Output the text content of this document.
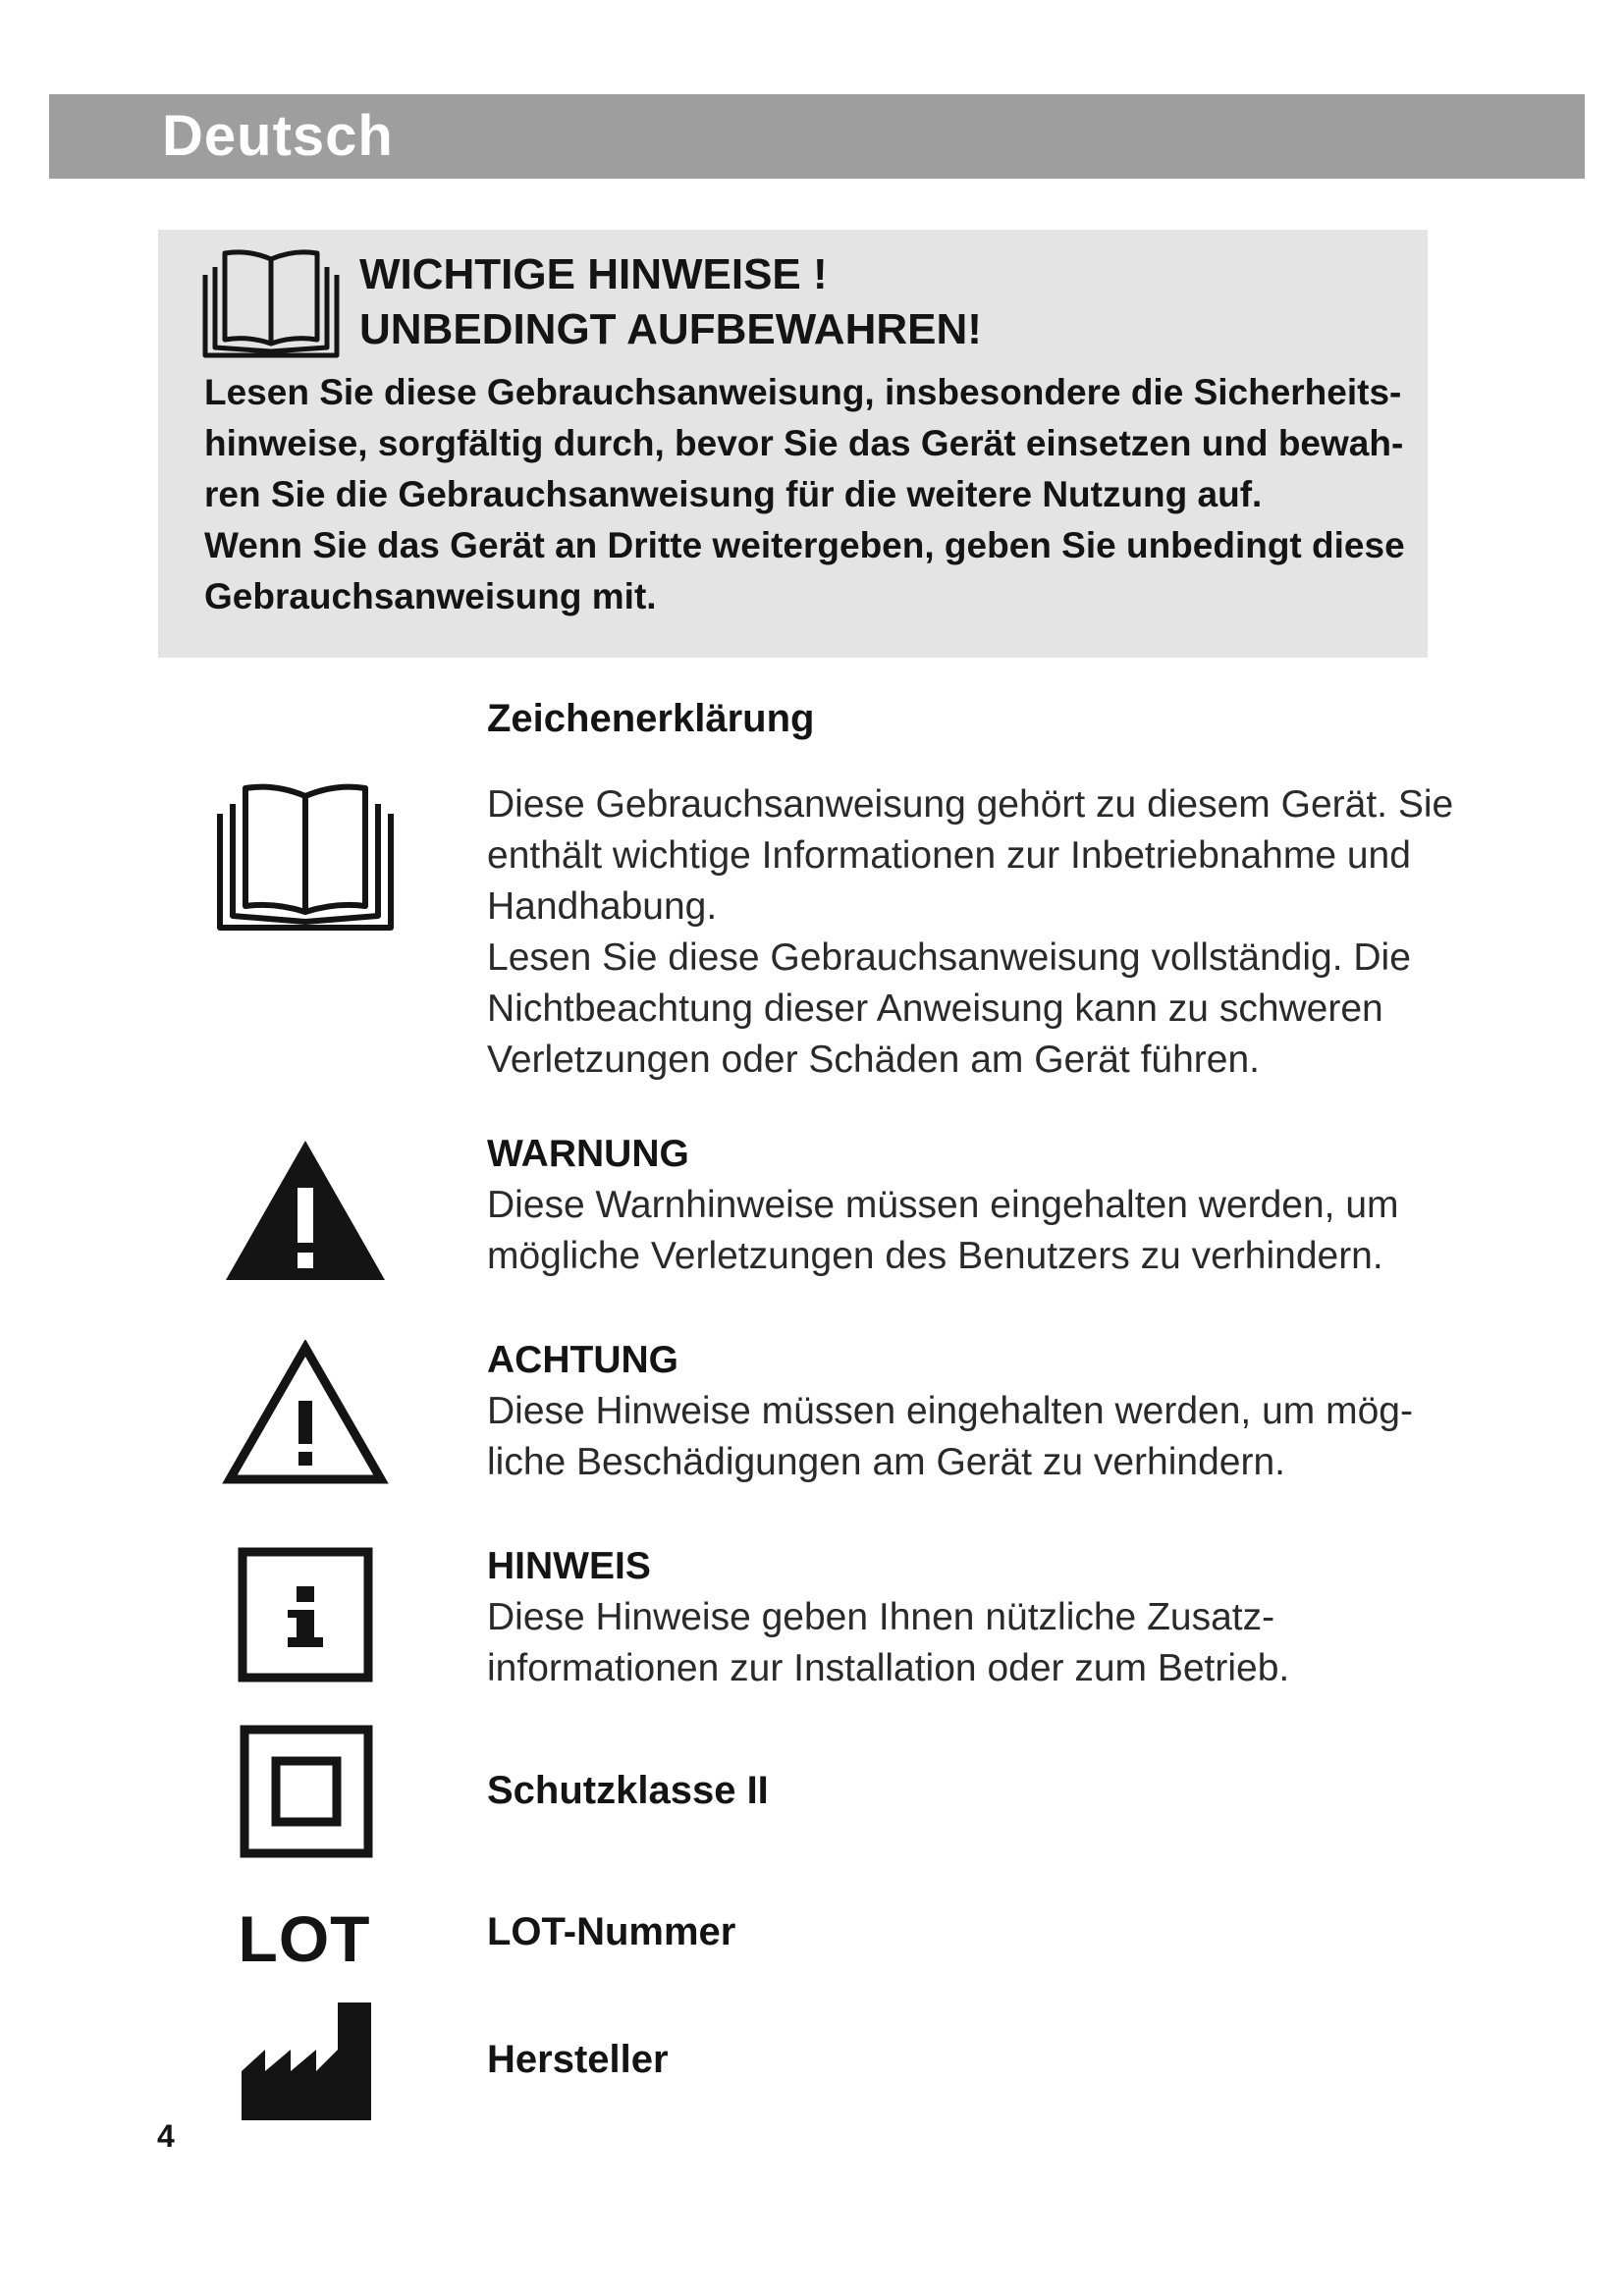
Deutsch
WICHTIGE HINWEISE !
UNBEDINGT AUFBEWAHREN!

Lesen Sie diese Gebrauchsanweisung, insbesondere die Sicherheits-
hinweise, sorgfältig durch, bevor Sie das Gerät einsetzen und bewah-
ren Sie die Gebrauchsanweisung für die weitere Nutzung auf.
Wenn Sie das Gerät an Dritte weitergeben, geben Sie unbedingt diese
Gebrauchsanweisung mit.

Zeichenerklärung

Diese Gebrauchsanweisung gehört zu diesem Gerät. Sie
enthält wichtige Informationen zur Inbetriebnahme und
Handhabung.
Lesen Sie diese Gebrauchsanweisung vollständig. Die
Nichtbeachtung dieser Anweisung kann zu schweren
Verletzungen oder Schäden am Gerät führen.

WARNUNG
Diese Warnhinweise müssen eingehalten werden, um
mögliche Verletzungen des Benutzers zu verhindern.

ACHTUNG
Diese Hinweise müssen eingehalten werden, um mög-
liche Beschädigungen am Gerät zu verhindern.

HINWEIS
Diese Hinweise geben Ihnen nützliche Zusatz-
informationen zur Installation oder zum Betrieb.

Schutzklasse II

LOT	LOT-Nummer

Hersteller

4
